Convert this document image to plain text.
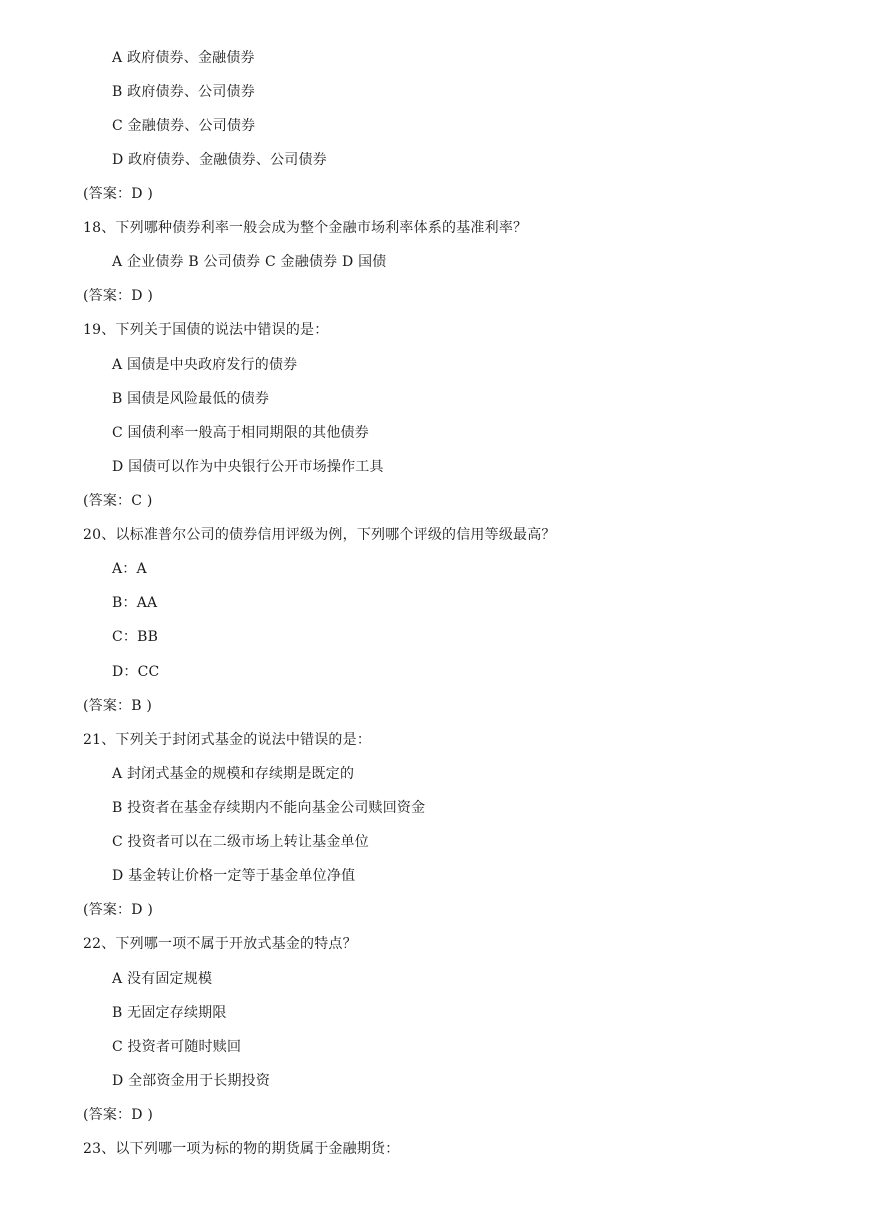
A 政府债券、金融债券
B 政府债券、公司债券
C 金融债券、公司债券
D 政府债券、金融债券、公司债券
(答案：D )
18、下列哪种债券利率一般会成为整个金融市场利率体系的基准利率？
A 企业债券 B 公司债券 C 金融债券 D 国债
(答案：D )
19、下列关于国债的说法中错误的是：
A 国债是中央政府发行的债券
B 国债是风险最低的债券
C 国债利率一般高于相同期限的其他债券
D 国债可以作为中央银行公开市场操作工具
(答案：C )
20、以标准普尔公司的债券信用评级为例，下列哪个评级的信用等级最高？
A：A
B：AA
C：BB
D：CC
(答案：B )
21、下列关于封闭式基金的说法中错误的是：
A 封闭式基金的规模和存续期是既定的
B 投资者在基金存续期内不能向基金公司赎回资金
C 投资者可以在二级市场上转让基金单位
D 基金转让价格一定等于基金单位净值
(答案：D )
22、下列哪一项不属于开放式基金的特点？
A 没有固定规模
B 无固定存续期限
C 投资者可随时赎回
D 全部资金用于长期投资
(答案：D )
23、以下列哪一项为标的物的期货属于金融期货：
